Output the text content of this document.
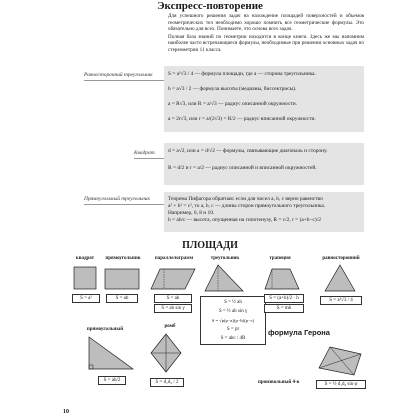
Экспресс-повторение
Для успешного решения задач на нахождение площадей поверхностей и объемов геометрических тел необходимо хорошо помнить все геометрические формулы. Это обязательно для всех. Понимаете, это основа всех задач.
Полная база знаний по геометрии находится в конце книги. Здесь же мы напомним наиболее часто встречающиеся формулы, необходимые при решении основных задач по стереометрии 11 класса.
Равносторонний треугольник	S = a²√3 / 4 — формула площади, где a — сторона треугольника.
h = a√3 / 2 — формула высоты (медианы, биссектрисы).
a = R√3, или R = a/√3 — радиус описанной окружности.
a = 2r√3, или r = a/(2√3) = R/2 — радиус вписанной окружности.
Квадрат d = a√2, или a = d/√2 — формулы, связывающие диагональ и сторону.
R = d/2 и r = a/2 — радиус описанной и вписанной окружностей.
Прямоугольный треугольник	Теорема Пифагора обратная: если для чисел a, b, c верно равенство
a² + b² = c², то a, b, c — длины сторон прямоугольного треугольника.
Например, 6, 8 и 10.
h = ab/c — высота, опущенная на гипотенузу, R = c/2, r = (a+b−c)/2
ПЛОЩАДИ
квадрат	прямоугольник	параллелограмм	треугольник	трапеция	равносторонний
S = a²	S = ab	S = ah
S = ab sin γ
S = ½ ah
S = ½ ab sin γ
S = √p(p−a)(p−b)(p−c)
S = pr
S = abc / 4R
формула Герона
S = (a+b)/2 · h
S = mh
S = a²√3 / 4
прямоугольный
S = ab/2
ромб
S = d₁d₂ / 2	произвольный 4-к	S = ½ d₁d₂ sin φ
10
